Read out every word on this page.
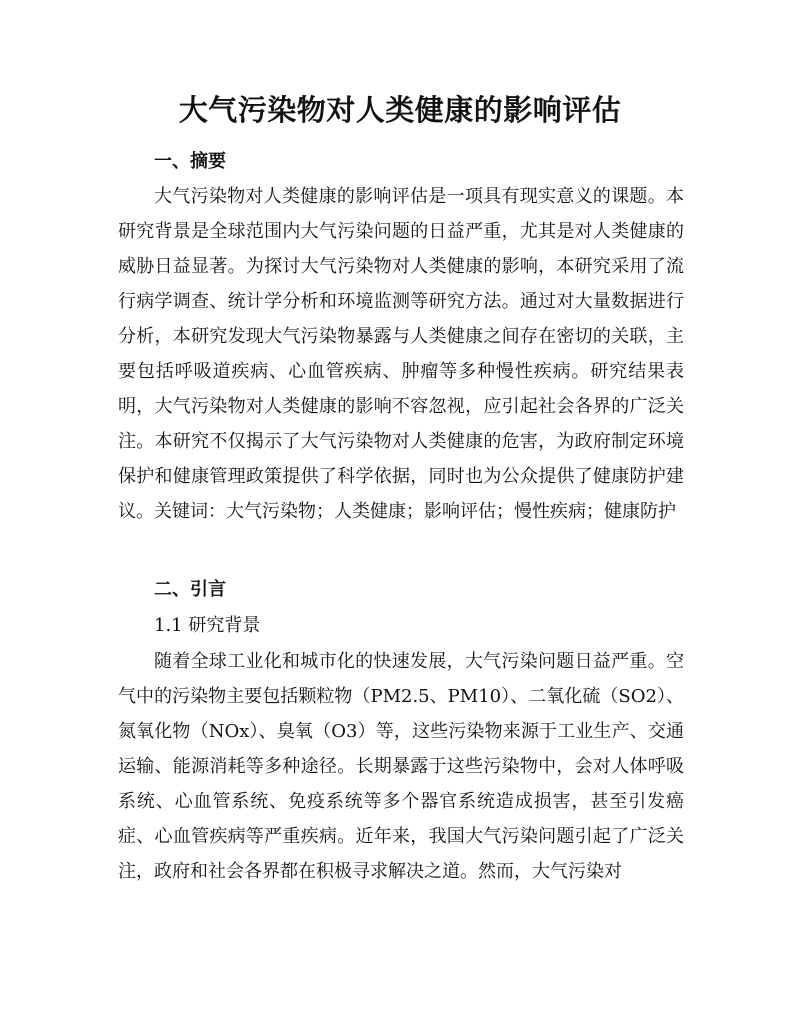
大气污染物对人类健康的影响评估

一、摘要

大气污染物对人类健康的影响评估是一项具有现实意义的课题。本研究背景是全球范围内大气污染问题的日益严重，尤其是对人类健康的威胁日益显著。为探讨大气污染物对人类健康的影响，本研究采用了流行病学调查、统计学分析和环境监测等研究方法。通过对大量数据进行分析，本研究发现大气污染物暴露与人类健康之间存在密切的关联，主要包括呼吸道疾病、心血管疾病、肿瘤等多种慢性疾病。研究结果表明，大气污染物对人类健康的影响不容忽视，应引起社会各界的广泛关注。本研究不仅揭示了大气污染物对人类健康的危害，为政府制定环境保护和健康管理政策提供了科学依据，同时也为公众提供了健康防护建议。关键词：大气污染物；人类健康；影响评估；慢性疾病；健康防护

二、引言

1.1 研究背景

随着全球工业化和城市化的快速发展，大气污染问题日益严重。空气中的污染物主要包括颗粒物（PM2.5、PM10）、二氧化硫（SO2）、氮氧化物（NOx）、臭氧（O3）等，这些污染物来源于工业生产、交通运输、能源消耗等多种途径。长期暴露于这些污染物中，会对人体呼吸系统、心血管系统、免疫系统等多个器官系统造成损害，甚至引发癌症、心血管疾病等严重疾病。近年来，我国大气污染问题引起了广泛关注，政府和社会各界都在积极寻求解决之道。然而，大气污染对
